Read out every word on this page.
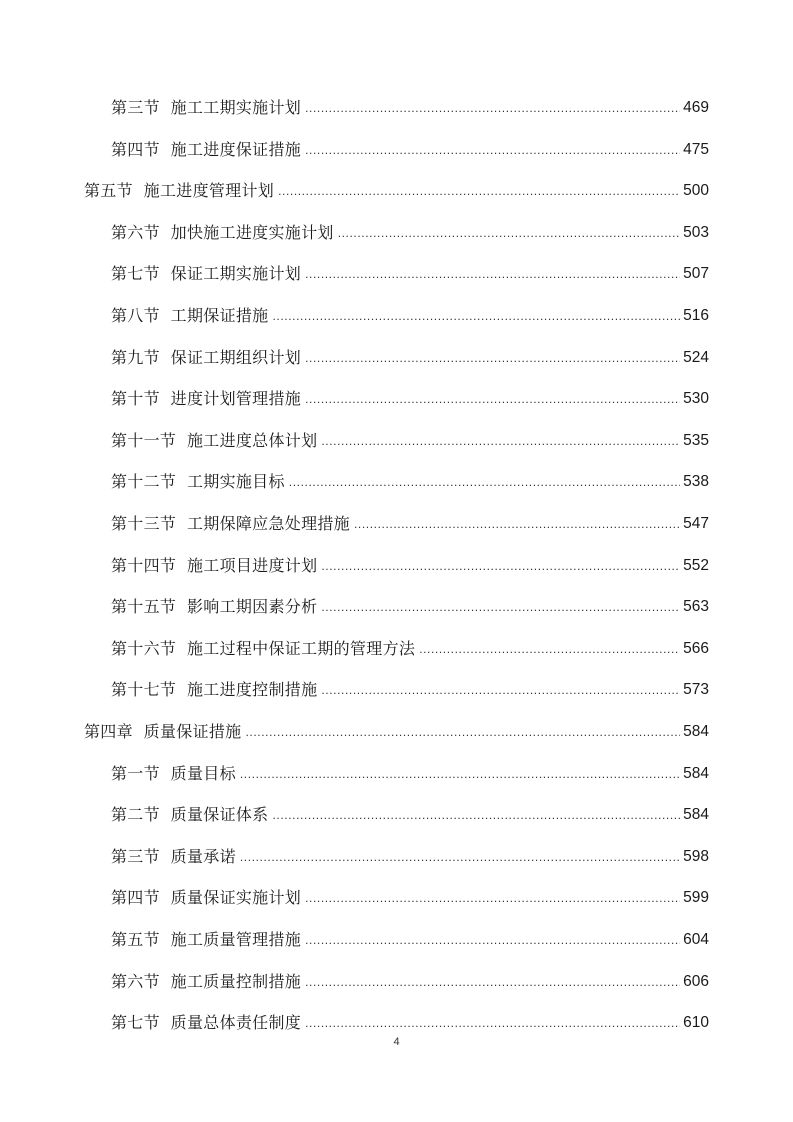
第三节  施工工期实施计划 .....	469
第四节  施工进度保证措施 .....	475
第五节  施工进度管理计划 .....	500
第六节  加快施工进度实施计划 .....	503
第七节  保证工期实施计划 .....	507
第八节  工期保证措施 .....	516
第九节  保证工期组织计划 .....	524
第十节  进度计划管理措施 .....	530
第十一节  施工进度总体计划 .....	535
第十二节  工期实施目标 .....	538
第十三节  工期保障应急处理措施 .....	547
第十四节  施工项目进度计划 .....	552
第十五节  影响工期因素分析 .....	563
第十六节  施工过程中保证工期的管理方法 .....	566
第十七节  施工进度控制措施 .....	573
第四章  质量保证措施 .....	584
第一节  质量目标 .....	584
第二节  质量保证体系 .....	584
第三节  质量承诺 .....	598
第四节  质量保证实施计划 .....	599
第五节  施工质量管理措施 .....	604
第六节  施工质量控制措施 .....	606
第七节  质量总体责任制度 .....	610
4
